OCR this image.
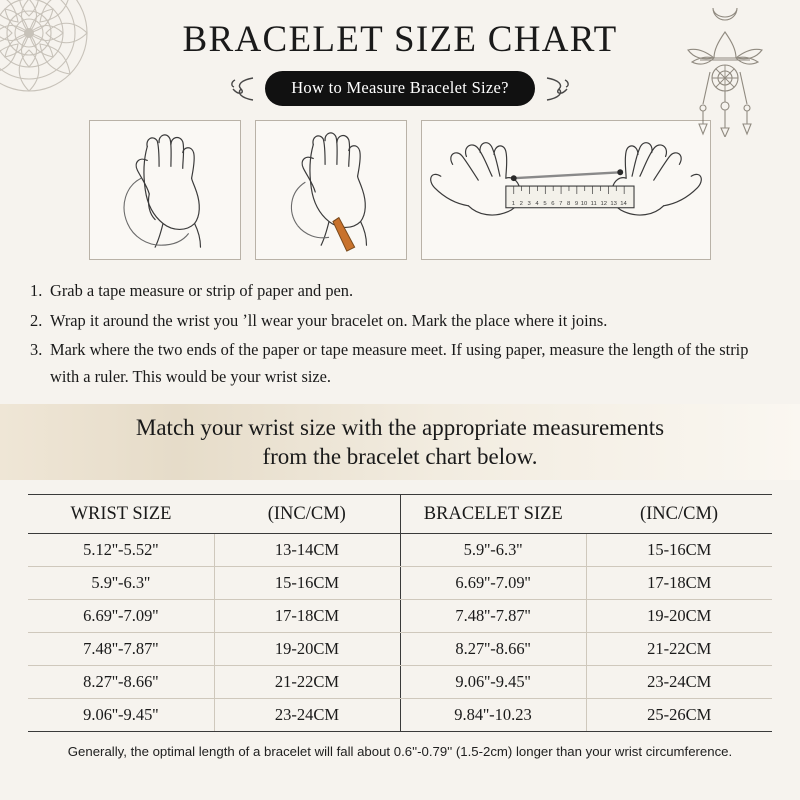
BRACELET SIZE CHART
How to Measure Bracelet Size?
1 2 3 4 5 6 7 8 9 10 11 12 13 14
1. Grab a tape measure or strip of paper and pen.
2. Wrap it around the wrist you ʼll wear your bracelet on. Mark the place where it joins.
3. Mark where the two ends of the paper or tape measure meet. If using paper, measure the length of the strip with a ruler. This would be your wrist size.
Match your wrist size with the appropriate measurements
from the bracelet chart below.
WRIST SIZE	(INC/CM)	BRACELET SIZE	(INC/CM)
5.12''-5.52''	13-14CM	5.9''-6.3''	15-16CM
5.9''-6.3''	15-16CM	6.69''-7.09''	17-18CM
6.69''-7.09''	17-18CM	7.48''-7.87''	19-20CM
7.48''-7.87''	19-20CM	8.27''-8.66''	21-22CM
8.27''-8.66''	21-22CM	9.06''-9.45''	23-24CM
9.06''-9.45''	23-24CM	9.84''-10.23	25-26CM
Generally, the optimal length of a bracelet will fall about 0.6''-0.79'' (1.5-2cm) longer than your wrist circumference.
